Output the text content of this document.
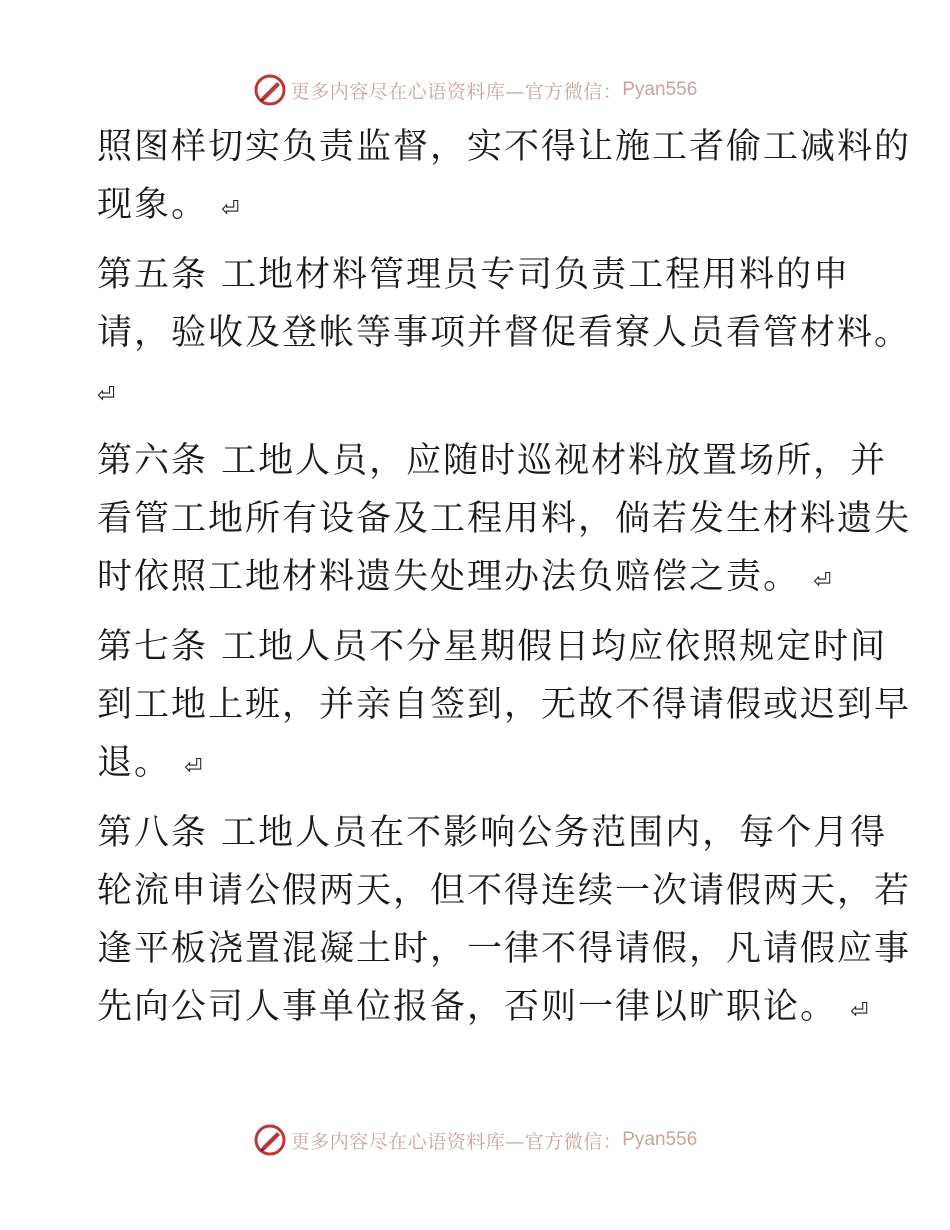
更多内容尽在心语资料库—官方微信： Pyan556
照图样切实负责监督，实不得让施工者偷工减料的
现象。 ⏎
第五条 工地材料管理员专司负责工程用料的申
请，验收及登帐等事项并督促看寮人员看管材料。
⏎
第六条 工地人员，应随时巡视材料放置场所，并
看管工地所有设备及工程用料，倘若发生材料遗失
时依照工地材料遗失处理办法负赔偿之责。 ⏎
第七条 工地人员不分星期假日均应依照规定时间
到工地上班，并亲自签到，无故不得请假或迟到早
退。 ⏎
第八条 工地人员在不影响公务范围内，每个月得
轮流申请公假两天，但不得连续一次请假两天，若
逢平板浇置混凝土时，一律不得请假，凡请假应事
先向公司人事单位报备，否则一律以旷职论。 ⏎
更多内容尽在心语资料库—官方微信： Pyan556
